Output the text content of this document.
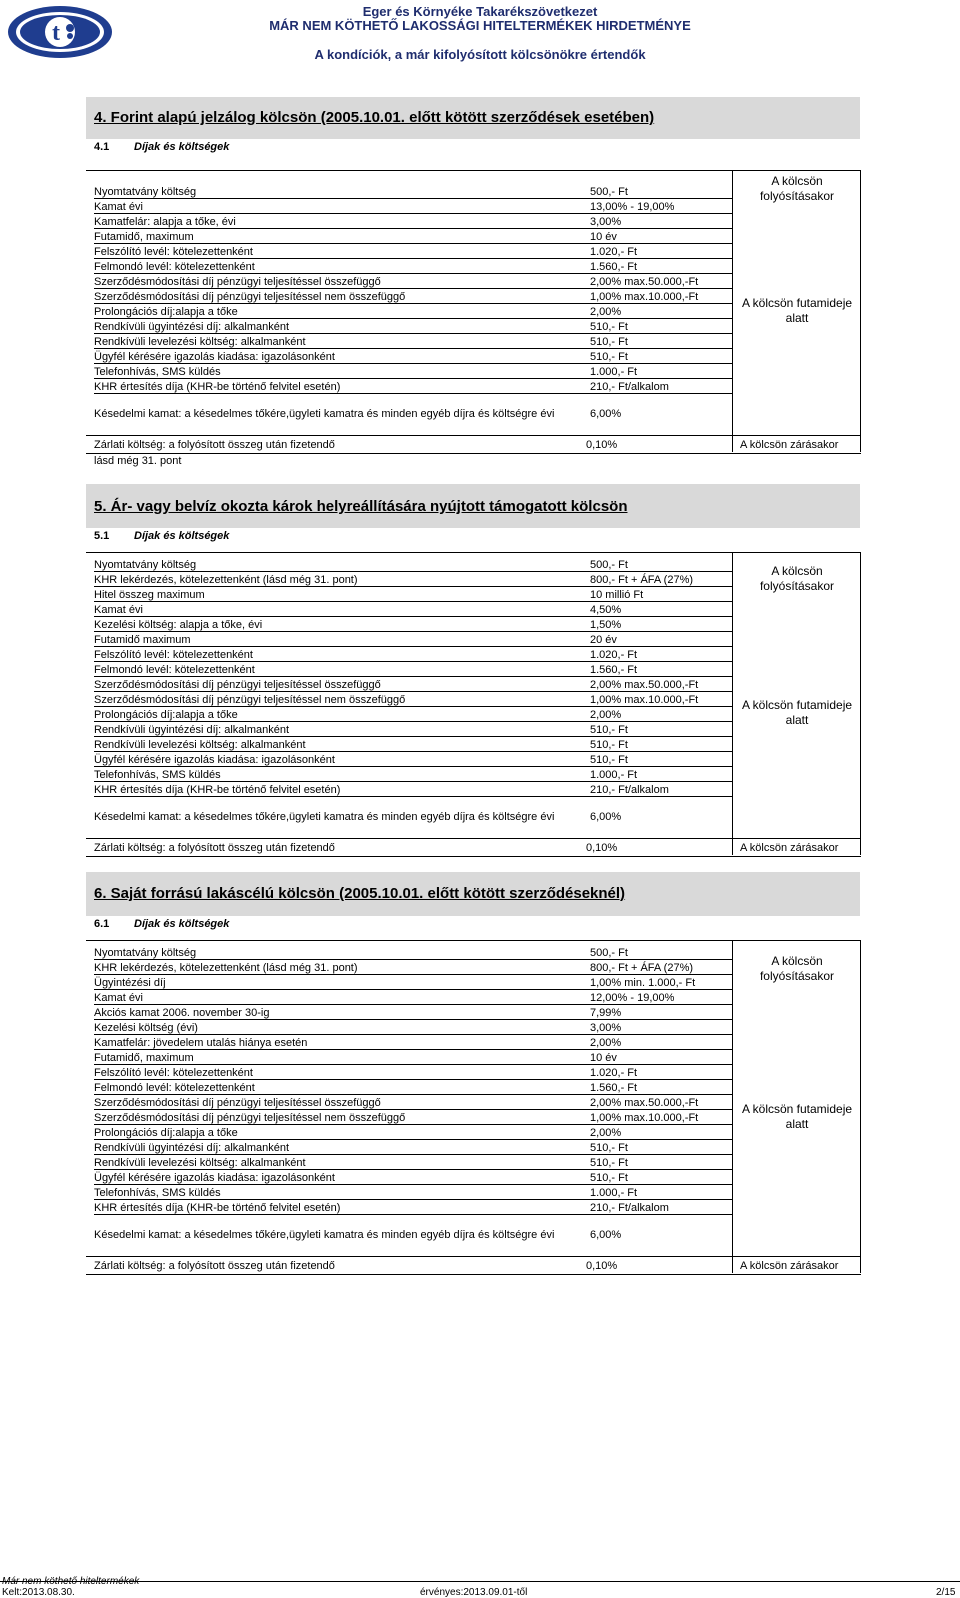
t
Eger és Környéke Takarékszövetkezet
MÁR NEM KÖTHETŐ LAKOSSÁGI HITELTERMÉKEK HIRDETMÉNYE
A kondíciók, a már kifolyósított kölcsönökre értendők
4. Forint alapú jelzálog kölcsön (2005.10.01. előtt kötött szerződések esetében)
4.1 Díjak és költségek
Nyomtatvány költség	500,- Ft
Kamat évi	13,00% - 19,00%
Kamatfelár: alapja a tőke, évi	3,00%
Futamidő, maximum	10 év
Felszólító levél: kötelezettenként	1.020,- Ft
Felmondó levél: kötelezettenként	1.560,- Ft
Szerződésmódosítási díj pénzügyi teljesítéssel összefüggő	2,00% max.50.000,-Ft
Szerződésmódosítási díj pénzügyi teljesítéssel nem összefüggő	1,00% max.10.000,-Ft
Prolongációs díj:alapja a tőke	2,00%
Rendkívüli ügyintézési díj: alkalmanként	510,- Ft
Rendkívüli levelezési költség: alkalmanként	510,- Ft
Ügyfél kérésére igazolás kiadása: igazolásonként	510,- Ft
Telefonhívás, SMS küldés	1.000,- Ft
KHR értesítés díja (KHR-be történő felvitel esetén)	210,- Ft/alkalom
Késedelmi kamat: a késedelmes tőkére,ügyleti kamatra és minden egyéb díjra és költségre évi	6,00%
Zárlati költség: a folyósított összeg után fizetendő	0,10%	A kölcsön zárásakor
A kölcsön folyósításakor
A kölcsön futamideje alatt
lásd még 31. pont
5. Ár- vagy belvíz okozta károk helyreállítására nyújtott támogatott kölcsön
5.1 Díjak és költségek
Nyomtatvány költség	500,- Ft
KHR lekérdezés, kötelezettenként (lásd még 31. pont)	800,- Ft + ÁFA (27%)
Hitel összeg maximum	10 millió Ft
Kamat évi	4,50%
Kezelési költség: alapja a tőke, évi	1,50%
Futamidő maximum	20 év
Felszólító levél: kötelezettenként	1.020,- Ft
Felmondó levél: kötelezettenként	1.560,- Ft
Szerződésmódosítási díj pénzügyi teljesítéssel összefüggő	2,00% max.50.000,-Ft
Szerződésmódosítási díj pénzügyi teljesítéssel nem összefüggő	1,00% max.10.000,-Ft
Prolongációs díj:alapja a tőke	2,00%
Rendkívüli ügyintézési díj: alkalmanként	510,- Ft
Rendkívüli levelezési költség: alkalmanként	510,- Ft
Ügyfél kérésére igazolás kiadása: igazolásonként	510,- Ft
Telefonhívás, SMS küldés	1.000,- Ft
KHR értesítés díja (KHR-be történő felvitel esetén)	210,- Ft/alkalom
Késedelmi kamat: a késedelmes tőkére,ügyleti kamatra és minden egyéb díjra és költségre évi	6,00%
Zárlati költség: a folyósított összeg után fizetendő	0,10%	A kölcsön zárásakor
A kölcsön folyósításakor
A kölcsön futamideje alatt
6. Saját forrású lakáscélú kölcsön (2005.10.01. előtt kötött szerződéseknél)
6.1 Díjak és költségek
Nyomtatvány költség	500,- Ft
KHR lekérdezés, kötelezettenként (lásd még 31. pont)	800,- Ft + ÁFA (27%)
Ügyintézési díj	1,00% min. 1.000,- Ft
Kamat évi	12,00% - 19,00%
Akciós kamat 2006. november 30-ig	7,99%
Kezelési költség (évi)	3,00%
Kamatfelár: jövedelem utalás hiánya esetén	2,00%
Futamidő, maximum	10 év
Felszólító levél: kötelezettenként	1.020,- Ft
Felmondó levél: kötelezettenként	1.560,- Ft
Szerződésmódosítási díj pénzügyi teljesítéssel összefüggő	2,00% max.50.000,-Ft
Szerződésmódosítási díj pénzügyi teljesítéssel nem összefüggő	1,00% max.10.000,-Ft
Prolongációs díj:alapja a tőke	2,00%
Rendkívüli ügyintézési díj: alkalmanként	510,- Ft
Rendkívüli levelezési költség: alkalmanként	510,- Ft
Ügyfél kérésére igazolás kiadása: igazolásonként	510,- Ft
Telefonhívás, SMS küldés	1.000,- Ft
KHR értesítés díja (KHR-be történő felvitel esetén)	210,- Ft/alkalom
Késedelmi kamat: a késedelmes tőkére,ügyleti kamatra és minden egyéb díjra és költségre évi	6,00%
Zárlati költség: a folyósított összeg után fizetendő	0,10%	A kölcsön zárásakor
A kölcsön folyósításakor
A kölcsön futamideje alatt
Már nem köthető hiteltermékek
Kelt:2013.08.30.	érvényes:2013.09.01-től	2/15
